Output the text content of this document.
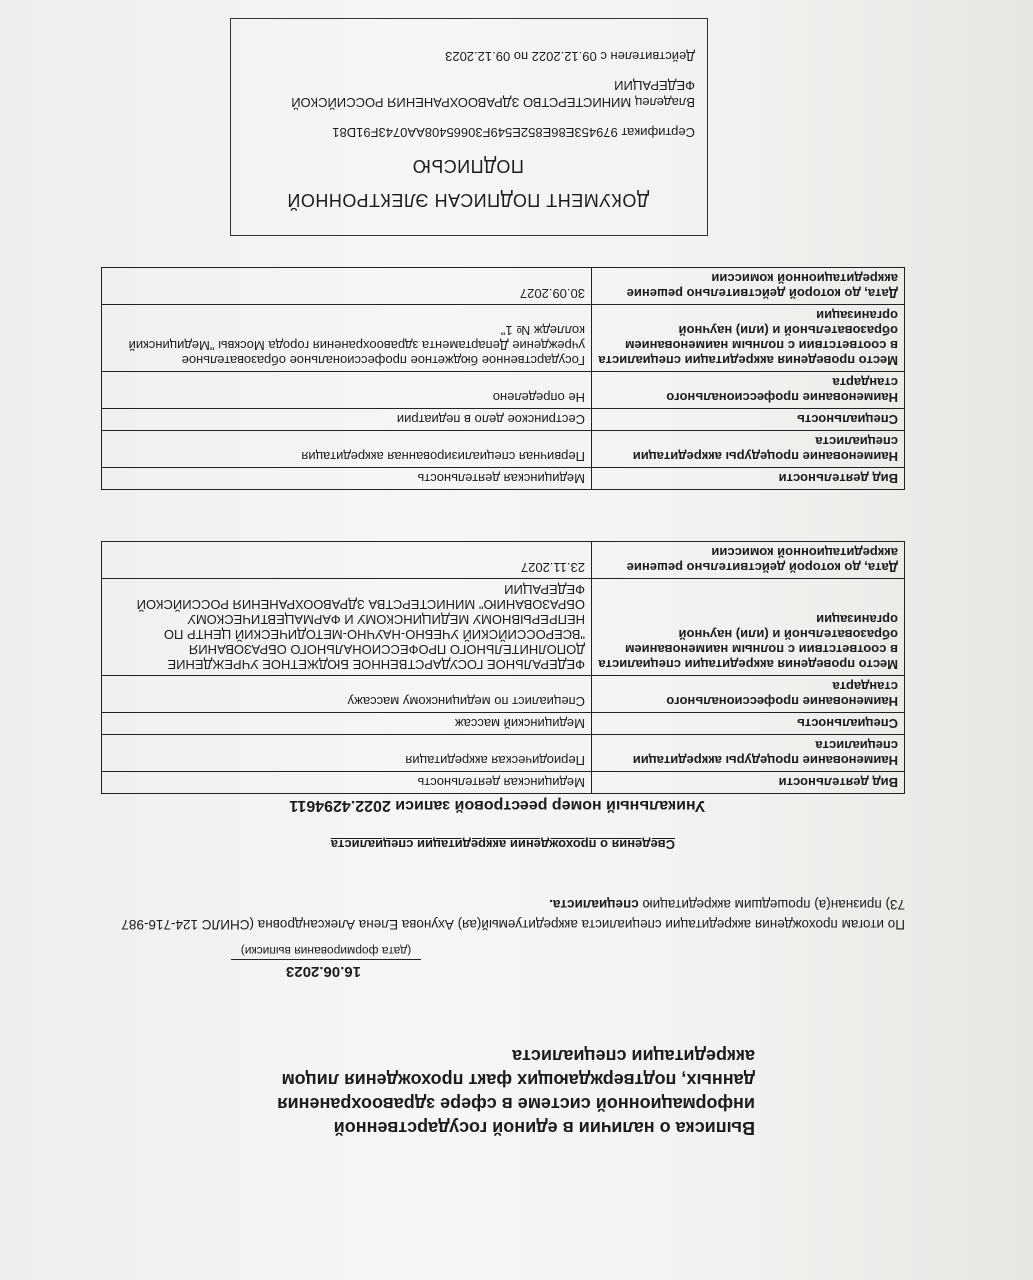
Выписка о наличии в единой государственной информационной системе в сфере здравоохранения данных, подтверждающих факт прохождения лицом аккредитации специалиста
16.06.2023
(дата формирования выписки)

По итогам прохождения аккредитации специалиста аккредитуемый(ая) Ахунова Елена Александровна (СНИЛС 124-716-987 73) признан(а) прошедшим аккредитацию специалиста.

Сведения о прохождении аккредитации специалиста
Уникальный номер реестровой записи 2022.4294611
Вид деятельности	Медицинская деятельность
Наименование процедуры аккредитации специалиста	Периодическая аккредитация
Специальность	Медицинский массаж
Наименование профессионального стандарта	Специалист по медицинскому массажу
Место проведения аккредитации специалиста в соответствии с полным наименованием образовательной и (или) научной организации	ФЕДЕРАЛЬНОЕ ГОСУДАРСТВЕННОЕ БЮДЖЕТНОЕ УЧРЕЖДЕНИЕ ДОПОЛНИТЕЛЬНОГО ПРОФЕССИОНАЛЬНОГО ОБРАЗОВАНИЯ "ВСЕРОССИЙСКИЙ УЧЕБНО-НАУЧНО-МЕТОДИЧЕСКИЙ ЦЕНТР ПО НЕПРЕРЫВНОМУ МЕДИЦИНСКОМУ И ФАРМАЦЕВТИЧЕСКОМУ ОБРАЗОВАНИЮ" МИНИСТЕРСТВА ЗДРАВООХРАНЕНИЯ РОССИЙСКОЙ ФЕДЕРАЦИИ
Дата, до которой действительно решение аккредитационной комиссии	23.11.2027
Вид деятельности	Медицинская деятельность
Наименование процедуры аккредитации специалиста	Первичная специализированная аккредитация
Специальность	Сестринское дело в педиатрии
Наименование профессионального стандарта	Не определено
Место проведения аккредитации специалиста в соответствии с полным наименованием образовательной и (или) научной организации	Государственное бюджетное профессиональное образовательное учреждение Департамента здравоохранения города Москвы "Медицинский колледж № 1"
Дата, до которой действительно решение аккредитационной комиссии	30.09.2027
ДОКУМЕНТ ПОДПИСАН ЭЛЕКТРОННОЙ ПОДПИСЬЮ
Сертификат 979453Е86Е852Е549F30665408AA0743F91D81
Владелец МИНИСТЕРСТВО ЗДРАВООХРАНЕНИЯ РОССИЙСКОЙ ФЕДЕРАЦИИ
Действителен с 09.12.2022 по 09.12.2023
